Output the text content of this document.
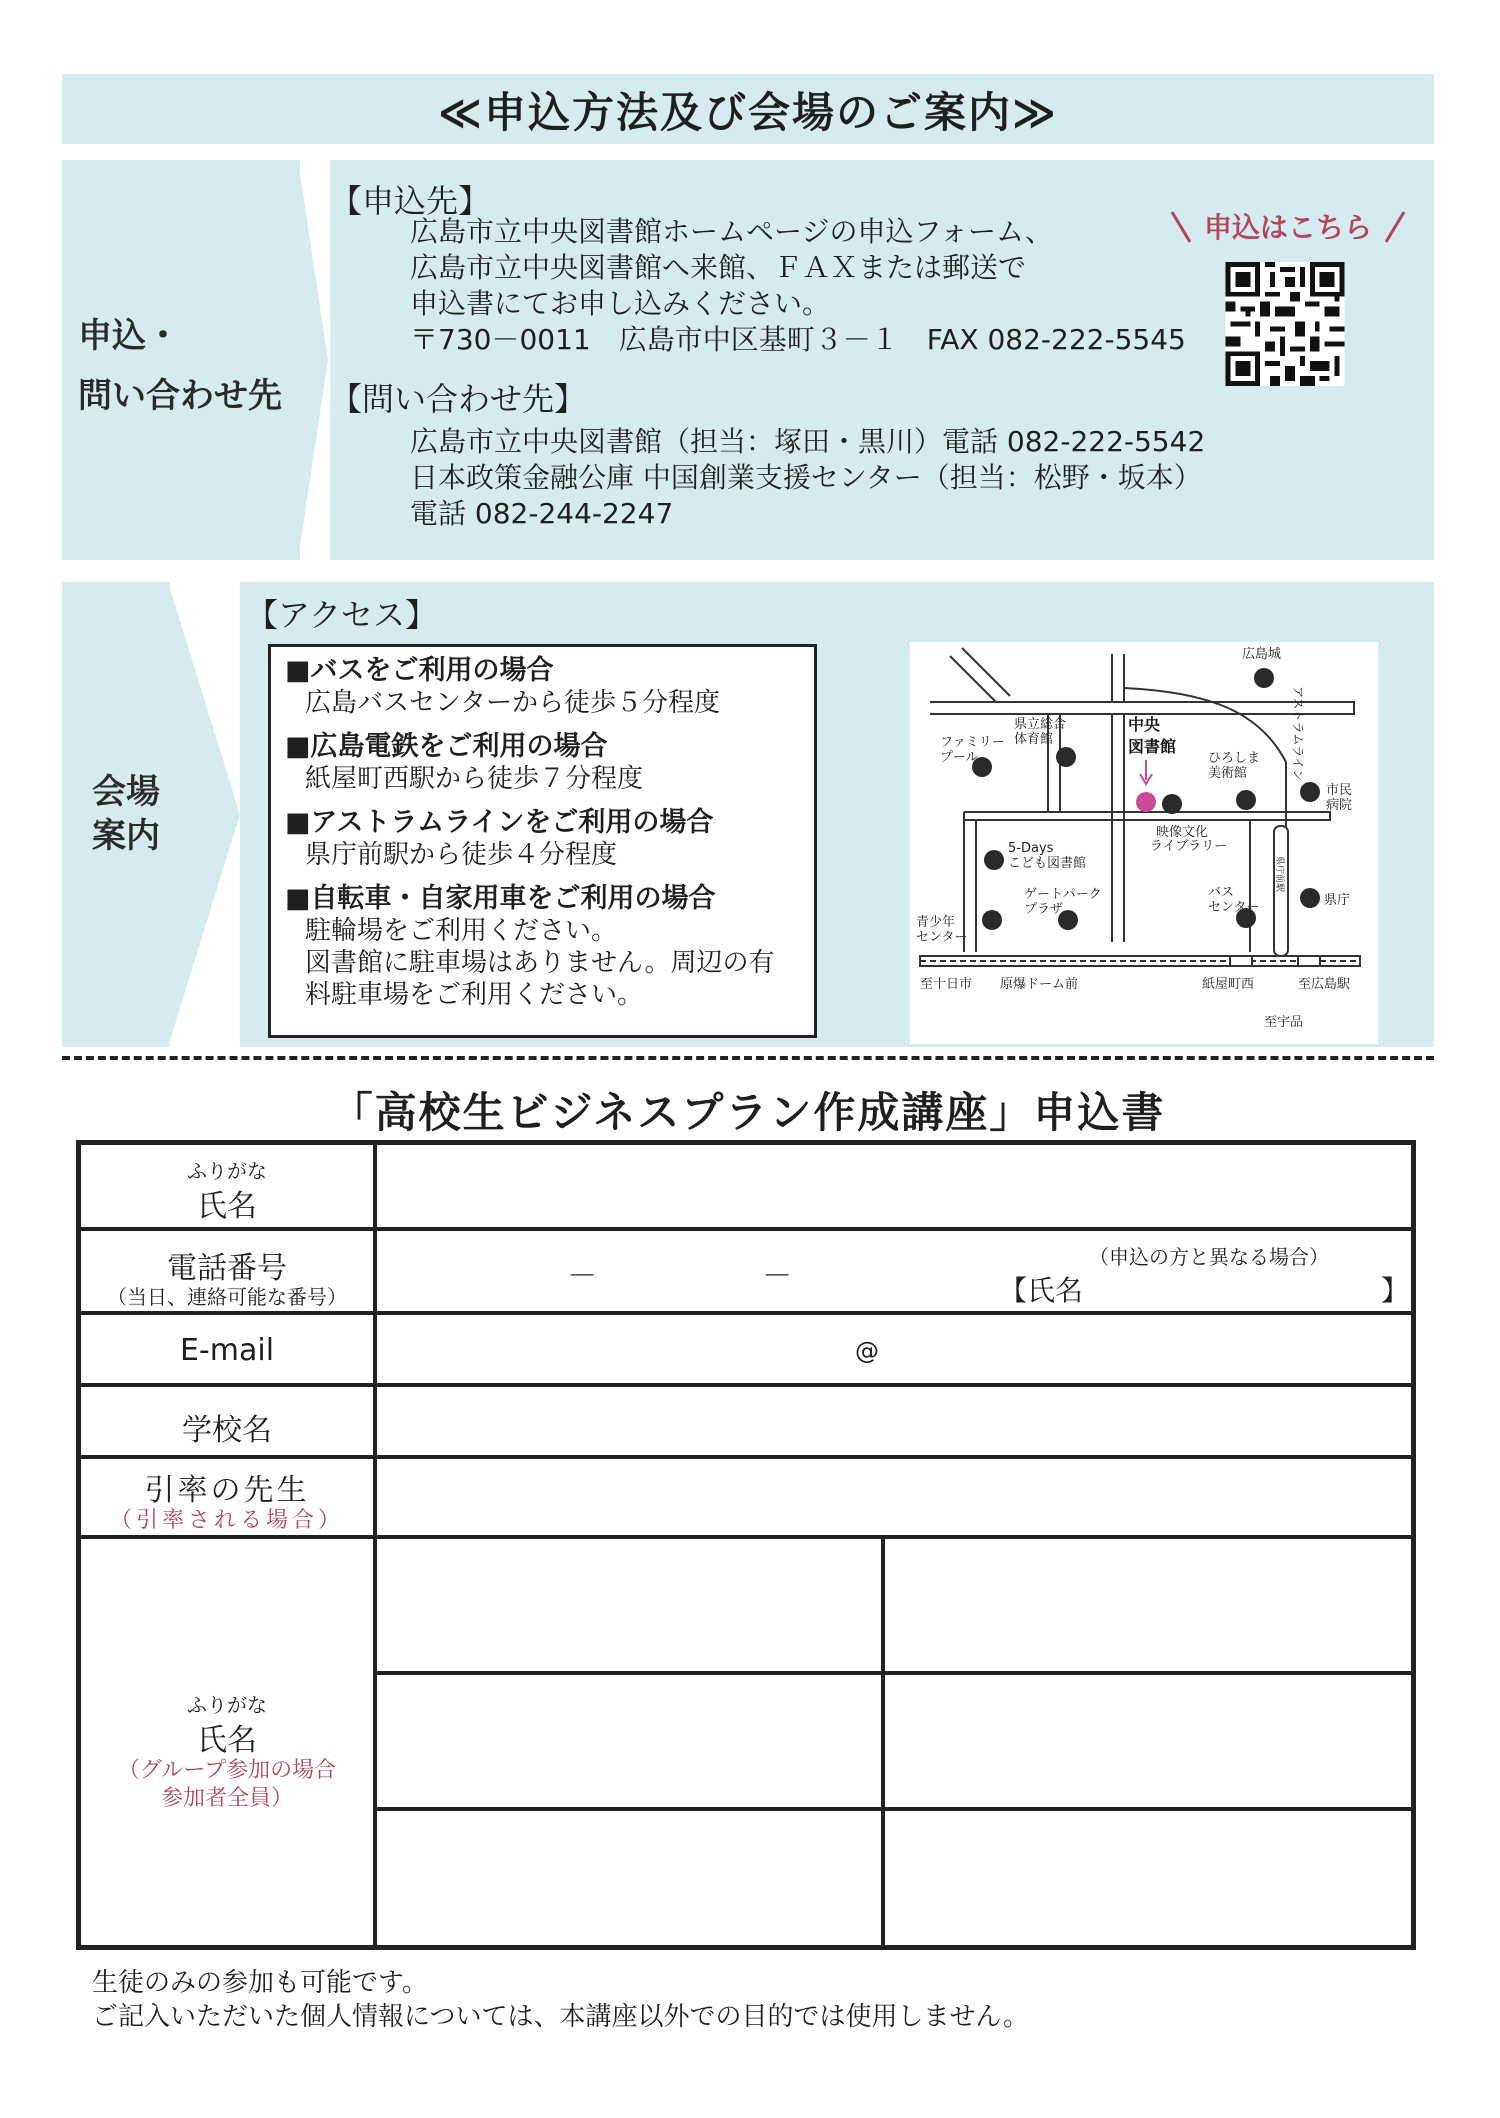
≪申込方法及び会場のご案内≫
申込・
問い合わせ先
【申込先】
広島市立中央図書館ホームページの申込フォーム、
広島市立中央図書館へ来館、ＦＡＸまたは郵送で
申込書にてお申し込みください。
〒730－0011　広島市中区基町３－１　FAX 082-222-5545
申込はこちら
【問い合わせ先】
広島市立中央図書館（担当：塚田・黒川）電話 082-222-5542
日本政策金融公庫 中国創業支援センター（担当：松野・坂本）
電話 082-244-2247
会場
案内
【アクセス】
■バスをご利用の場合
広島バスセンターから徒歩５分程度
■広島電鉄をご利用の場合
紙屋町西駅から徒歩７分程度
■アストラムラインをご利用の場合
県庁前駅から徒歩４分程度
■自転車・自家用車をご利用の場合
駐輪場をご利用ください。
図書館に駐車場はありません。周辺の有
料駐車場をご利用ください。
広島城
県立総合
体育館
ファミリー
プール	ひろしま
美術館
市民
病院
映像文化
ライブラリー
5-Days
こども図書館
ゲートパーク
プラザ
バス
センター
青少年
センター
県庁
至十日市 原爆ドーム前	紙屋町西	至広島駅
至宇品
中央
図書館	アストラムライン
県庁前駅
「高校生ビジネスプラン作成講座」申込書
ふりがな
氏名
電話番号
（当日、連絡可能な番号）
－	－
（申込の方と異なる場合）
【氏名	】
E-mail	@
学校名
引率の先生
（引率される場合）
ふりがな
氏名
（グループ参加の場合
参加者全員）
生徒のみの参加も可能です。
ご記入いただいた個人情報については、本講座以外での目的では使用しません。
